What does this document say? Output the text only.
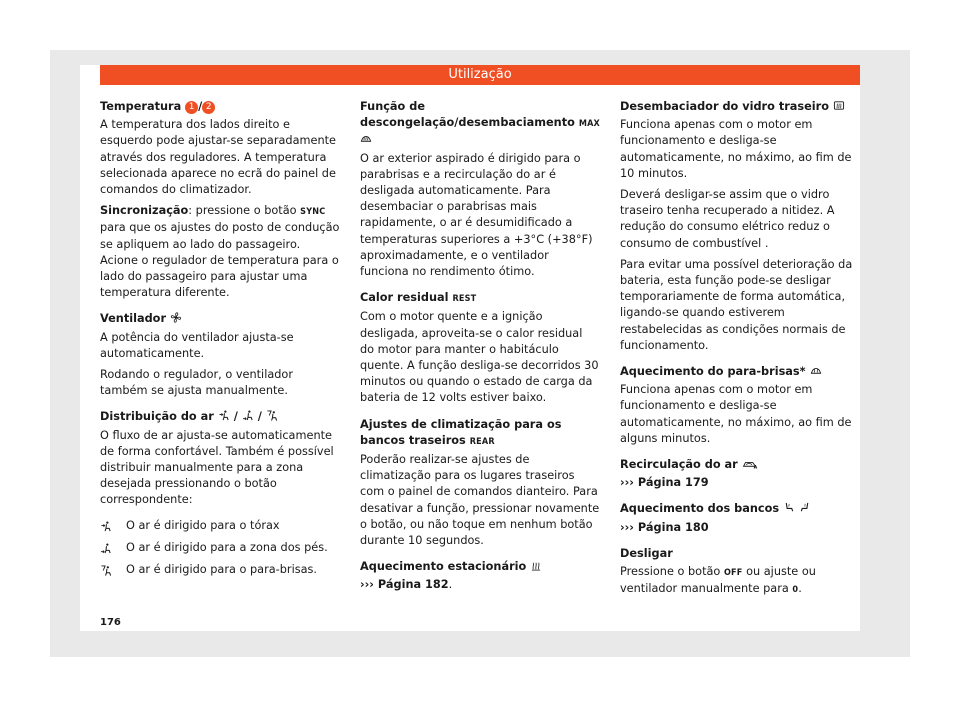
Utilização
Temperatura 1 / 2

A temperatura dos lados direito e esquerdo pode ajustar-se separadamente através dos reguladores. A temperatura selecionada aparece no ecrã do painel de comandos do climatizador.

Sincronização: pressione o botão SYNC para que os ajustes do posto de condução se apliquem ao lado do passageiro. Acione o regulador de temperatura para o lado do passageiro para ajustar uma temperatura diferente.

Ventilador

A potência do ventilador ajusta-se automaticamente.

Rodando o regulador, o ventilador também se ajusta manualmente.

Distribuição do ar / /

O fluxo de ar ajusta-se automaticamente de forma confortável. Também é possível distribuir manualmente para a zona desejada pressionando o botão correspondente:

O ar é dirigido para o tórax
O ar é dirigido para a zona dos pés.
O ar é dirigido para o para-brisas.
Função de descongelação/desembaciamento MAX

O ar exterior aspirado é dirigido para o parabrisas e a recirculação do ar é desligada automaticamente. Para desembaciar o parabrisas mais rapidamente, o ar é desumidificado a temperaturas superiores a +3°C (+38°F) aproximadamente, e o ventilador funciona no rendimento ótimo.

Calor residual REST

Com o motor quente e a ignição desligada, aproveita-se o calor residual do motor para manter o habitáculo quente. A função desliga-se decorridos 30 minutos ou quando o estado de carga da bateria de 12 volts estiver baixo.

Ajustes de climatização para os bancos traseiros REAR

Poderão realizar-se ajustes de climatização para os lugares traseiros com o painel de comandos dianteiro. Para desativar a função, pressionar novamente o botão, ou não toque em nenhum botão durante 10 segundos.

Aquecimento estacionário

››› Página 182.

Desembaciador do vidro traseiro

Funciona apenas com o motor em funcionamento e desliga-se automaticamente, no máximo, ao fim de 10 minutos.

Deverá desligar-se assim que o vidro traseiro tenha recuperado a nitidez. A redução do consumo elétrico reduz o consumo de combustível .

Para evitar uma possível deterioração da bateria, esta função pode-se desligar temporariamente de forma automática, ligando-se quando estiverem restabelecidas as condições normais de funcionamento.

Aquecimento do para-brisas*

Funciona apenas com o motor em funcionamento e desliga-se automaticamente, no máximo, ao fim de alguns minutos.

Recirculação do ar	A

››› Página 179

Aquecimento dos bancos

››› Página 180

Desligar

Pressione o botão OFF ou ajuste ou ventilador manualmente para 0.

176
